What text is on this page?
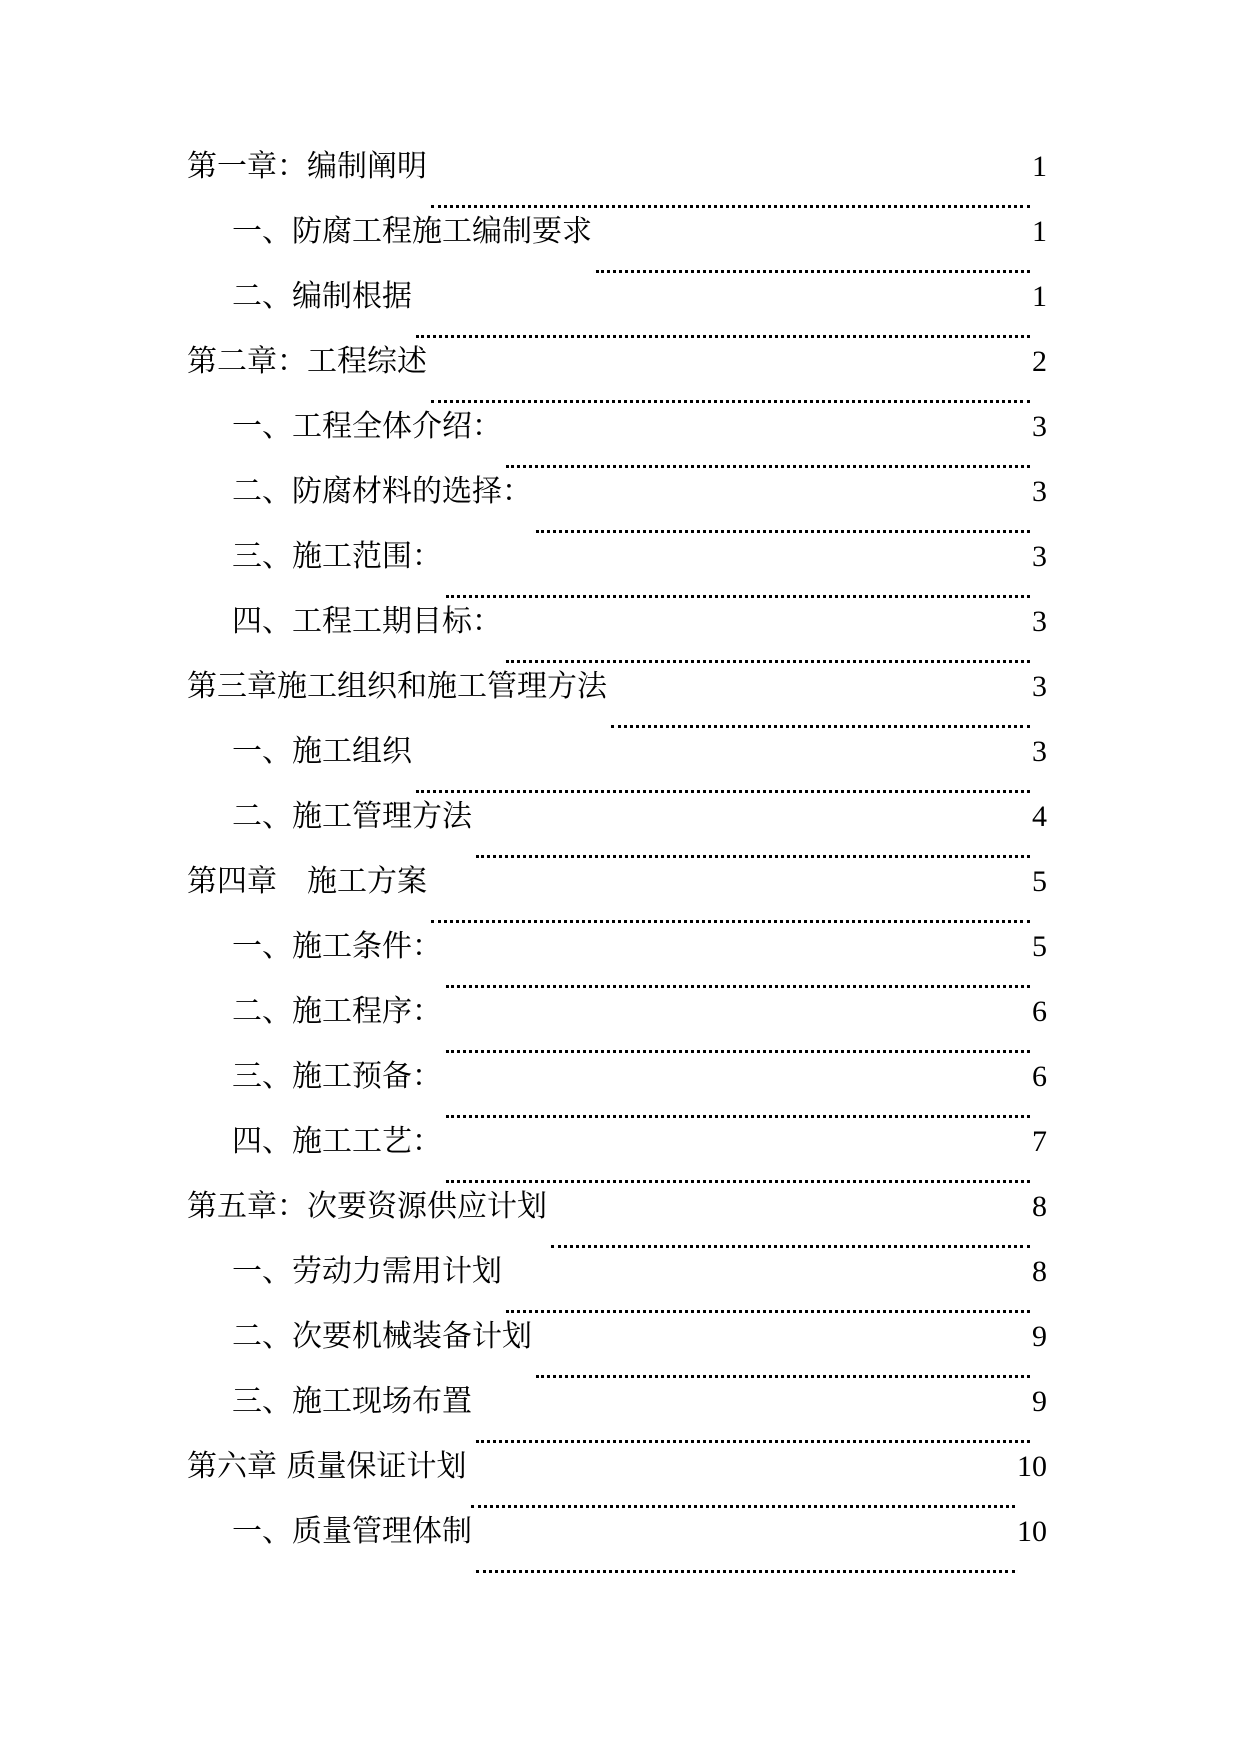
第一章：编制阐明	1
一、防腐工程施工编制要求	1
二、编制根据	1
第二章：工程综述	2
一、工程全体介绍：	3
二、防腐材料的选择：	3
三、施工范围：	3
四、工程工期目标：	3
第三章施工组织和施工管理方法	3
一、施工组织	3
二、施工管理方法	4
第四章　施工方案	5
一、施工条件：	5
二、施工程序：	6
三、施工预备：	6
四、施工工艺：	7
第五章：次要资源供应计划	8
一、劳动力需用计划	8
二、次要机械装备计划	9
三、施工现场布置	9
第六章 质量保证计划	10
一、质量管理体制	10
